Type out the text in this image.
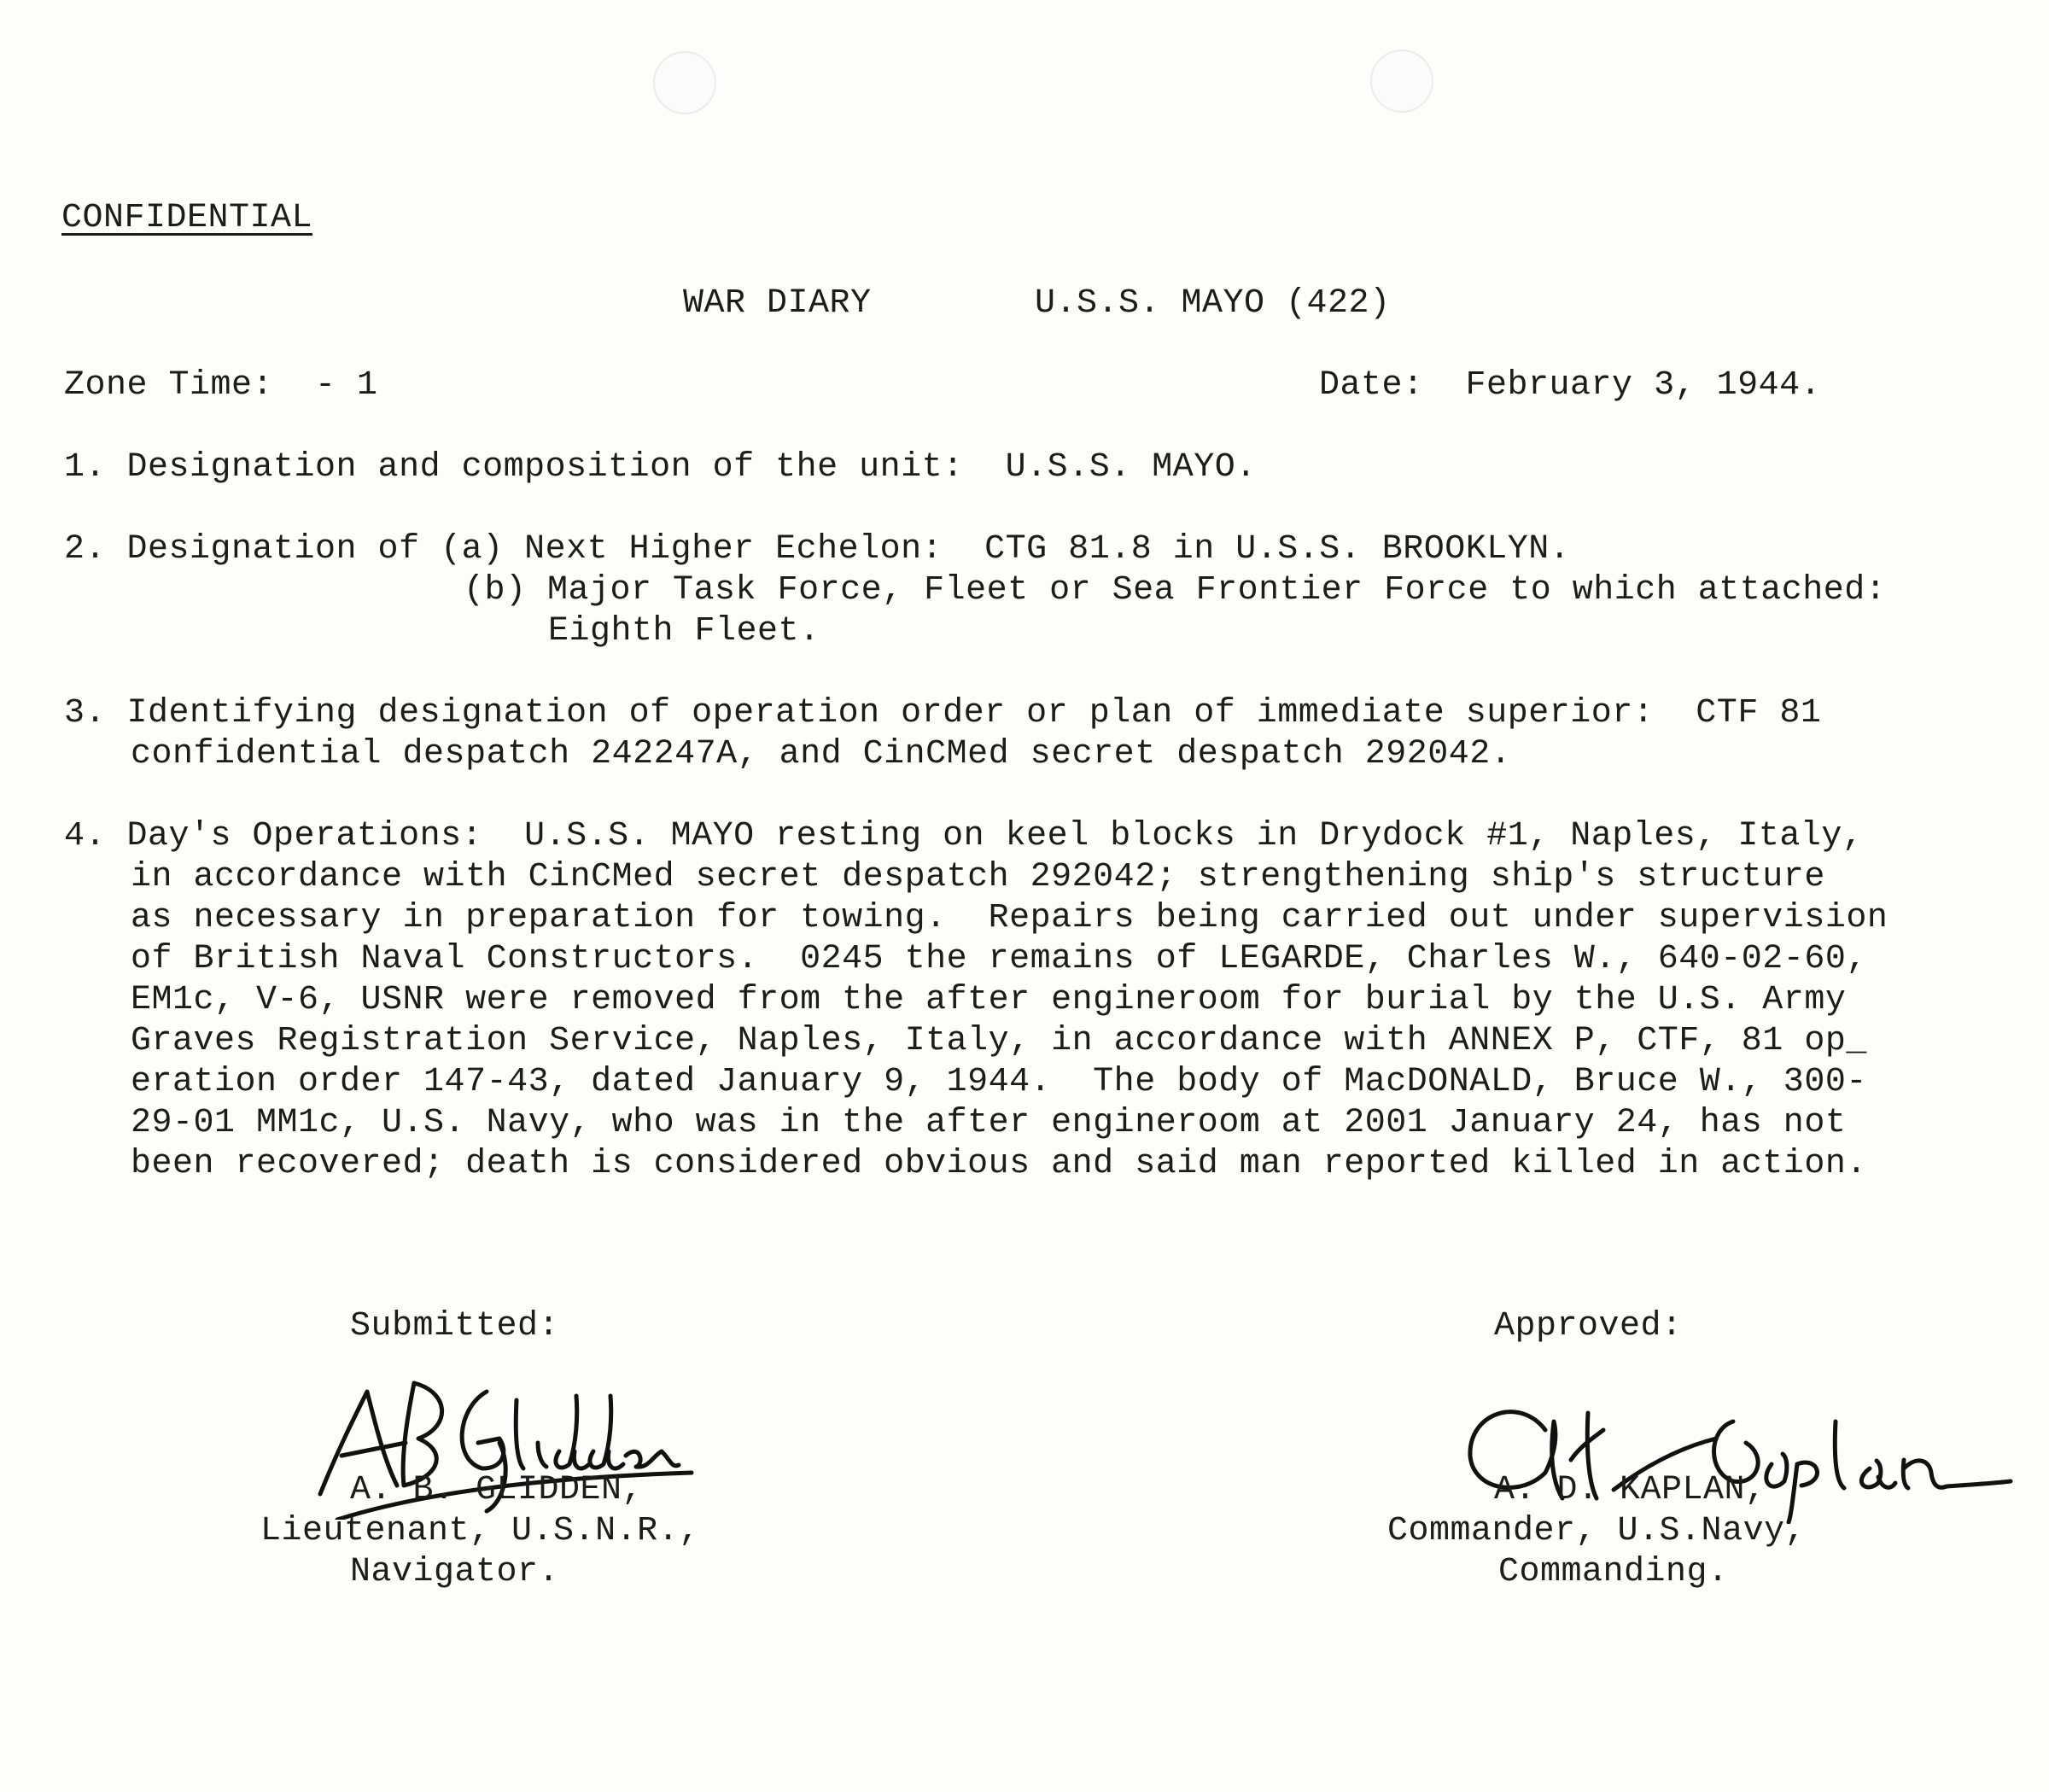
CONFIDENTIAL
WAR DIARY	U.S.S. MAYO (422)
Zone Time:  - 1	Date:  February 3, 1944.
1. Designation and composition of the unit:  U.S.S. MAYO.
2. Designation of (a) Next Higher Echelon:  CTG 81.8 in U.S.S. BROOKLYN.
(b) Major Task Force, Fleet or Sea Frontier Force to which attached:
Eighth Fleet.
3. Identifying designation of operation order or plan of immediate superior:  CTF 81
confidential despatch 242247A, and CinCMed secret despatch 292042.
4. Day's Operations:  U.S.S. MAYO resting on keel blocks in Drydock #1, Naples, Italy,
in accordance with CinCMed secret despatch 292042; strengthening ship's structure
as necessary in preparation for towing.  Repairs being carried out under supervision
of British Naval Constructors.  0245 the remains of LEGARDE, Charles W., 640-02-60,
EM1c, V-6, USNR were removed from the after engineroom for burial by the U.S. Army
Graves Registration Service, Naples, Italy, in accordance with ANNEX P, CTF, 81 op_
eration order 147-43, dated January 9, 1944.  The body of MacDONALD, Bruce W., 300-
29-01 MM1c, U.S. Navy, who was in the after engineroom at 2001 January 24, has not
been recovered; death is considered obvious and said man reported killed in action.
Submitted:
A. B. GLIDDEN,
Lieutenant, U.S.N.R.,
Navigator.
Approved:
A. D. KAPLAN,
Commander, U.S.Navy,
Commanding.
